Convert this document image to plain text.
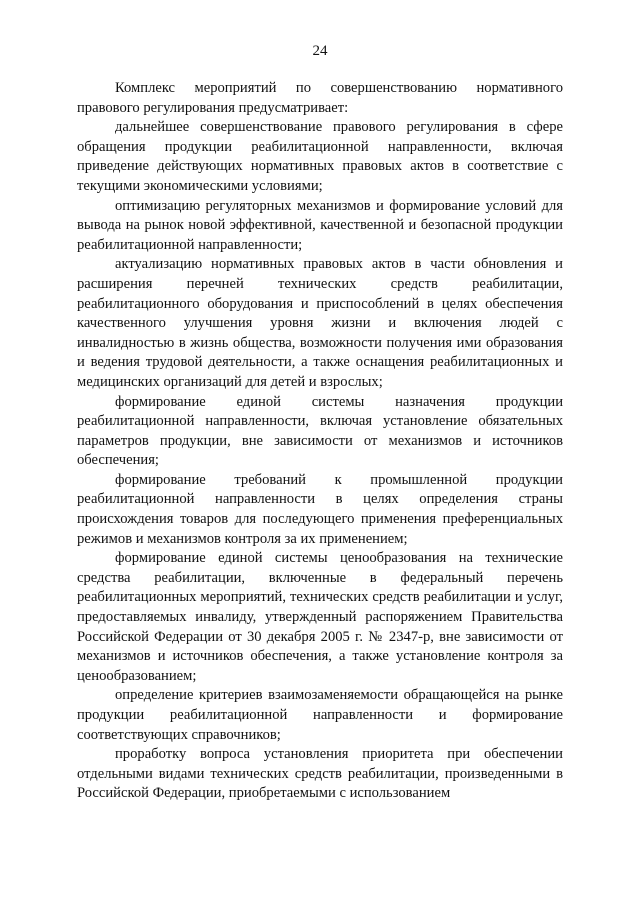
24

Комплекс мероприятий по совершенствованию нормативного правового регулирования предусматривает:

дальнейшее совершенствование правового регулирования в сфере обращения продукции реабилитационной направленности, включая приведение действующих нормативных правовых актов в соответствие с текущими экономическими условиями;

оптимизацию регуляторных механизмов и формирование условий для вывода на рынок новой эффективной, качественной и безопасной продукции реабилитационной направленности;

актуализацию нормативных правовых актов в части обновления и расширения перечней технических средств реабилитации, реабилитационного оборудования и приспособлений в целях обеспечения качественного улучшения уровня жизни и включения людей с инвалидностью в жизнь общества, возможности получения ими образования и ведения трудовой деятельности, а также оснащения реабилитационных и медицинских организаций для детей и взрослых;

формирование единой системы назначения продукции реабилитационной направленности, включая установление обязательных параметров продукции, вне зависимости от механизмов и источников обеспечения;

формирование требований к промышленной продукции реабилитационной направленности в целях определения страны происхождения товаров для последующего применения преференциальных режимов и механизмов контроля за их применением;

формирование единой системы ценообразования на технические средства реабилитации, включенные в федеральный перечень реабилитационных мероприятий, технических средств реабилитации и услуг, предоставляемых инвалиду, утвержденный распоряжением Правительства Российской Федерации от 30 декабря 2005 г. № 2347-р, вне зависимости от механизмов и источников обеспечения, а также установление контроля за ценообразованием;

определение критериев взаимозаменяемости обращающейся на рынке продукции реабилитационной направленности и формирование соответствующих справочников;

проработку вопроса установления приоритета при обеспечении отдельными видами технических средств реабилитации, произведенными в Российской Федерации, приобретаемыми с использованием
